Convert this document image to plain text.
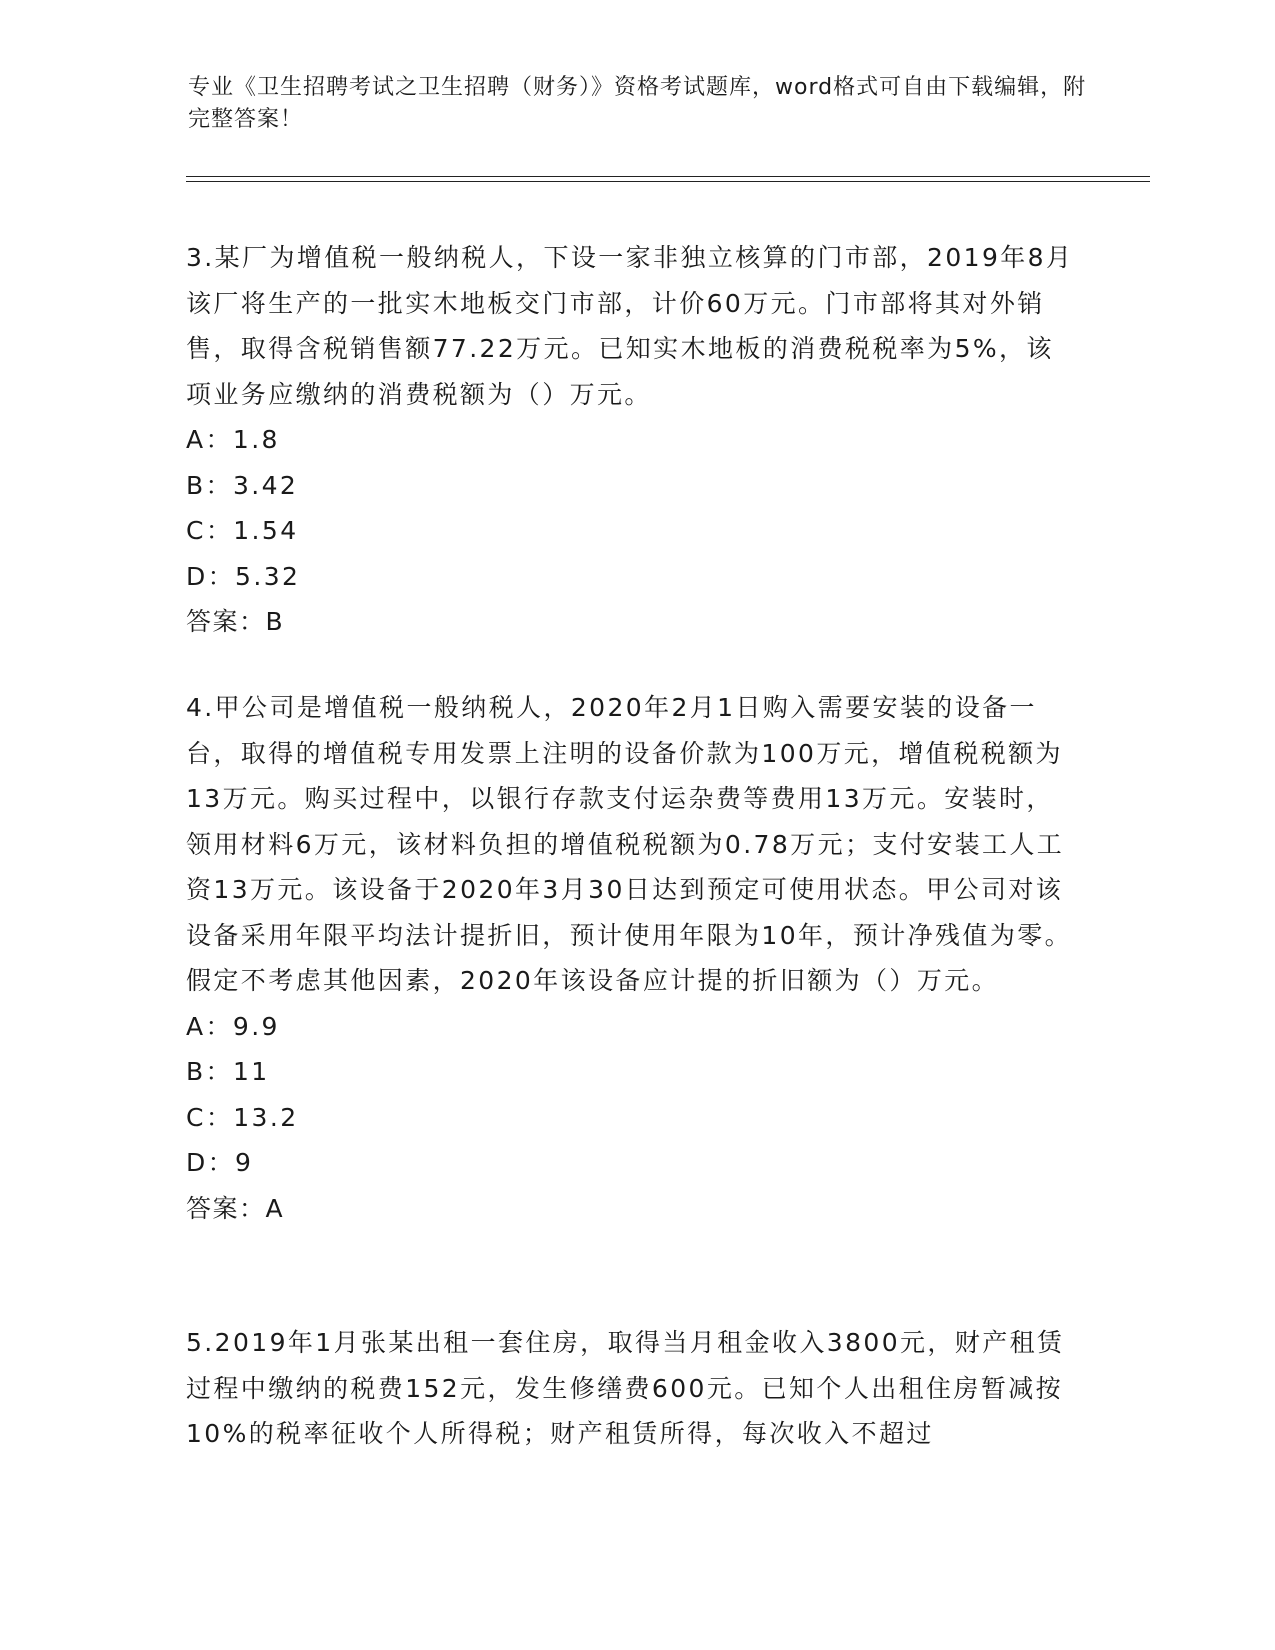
专业《卫生招聘考试之卫生招聘（财务）》资格考试题库，word格式可自由下载编辑，附完整答案！

3.某厂为增值税一般纳税人，下设一家非独立核算的门市部，2019年8月该厂将生产的一批实木地板交门市部，计价60万元。门市部将其对外销售，取得含税销售额77.22万元。已知实木地板的消费税税率为5%，该项业务应缴纳的消费税额为（）万元。

A：1.8

B：3.42

C：1.54

D：5.32

答案：B

4.甲公司是增值税一般纳税人，2020年2月1日购入需要安装的设备一台，取得的增值税专用发票上注明的设备价款为100万元，增值税税额为13万元。购买过程中，以银行存款支付运杂费等费用13万元。安装时，领用材料6万元，该材料负担的增值税税额为0.78万元；支付安装工人工资13万元。该设备于2020年3月30日达到预定可使用状态。甲公司对该设备采用年限平均法计提折旧，预计使用年限为10年，预计净残值为零。假定不考虑其他因素，2020年该设备应计提的折旧额为（）万元。

A：9.9

B：11

C：13.2

D：9

答案：A

5.2019年1月张某出租一套住房，取得当月租金收入3800元，财产租赁过程中缴纳的税费152元，发生修缮费600元。已知个人出租住房暂减按10%的税率征收个人所得税；财产租赁所得，每次收入不超过
